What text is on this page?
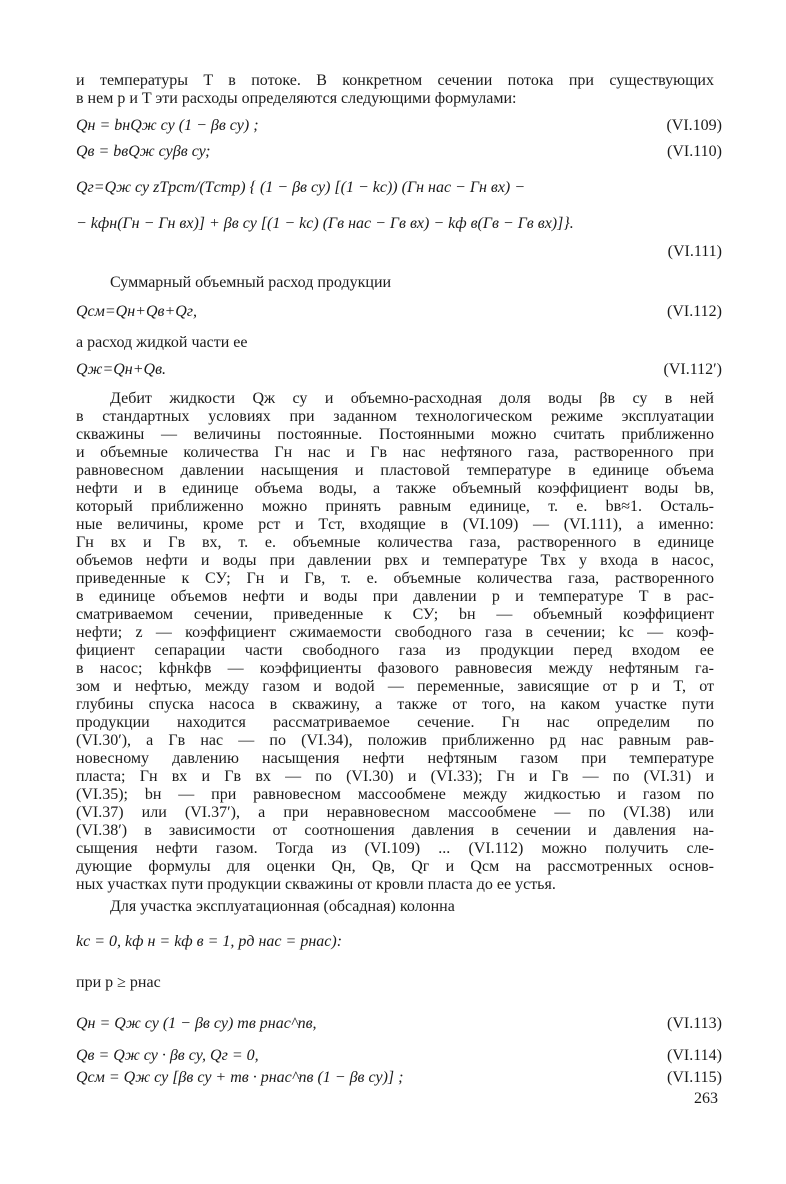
и температуры T в потоке. В конкретном сечении потока при существующих
в нем p и T эти расходы определяются следующими формулами:
Qн = bнQж су (1 − βв су) ;	(VI.109)
Qв = bвQж суβв су;	(VI.110)
Qг=Qж су zTpст/(Tстp) { (1 − βв су) [(1 − kс)) (Γн нас − Γн вх) −
− kфн(Γн − Γн вх)] + βв су [(1 − kс) (Γв нас − Γв вх) − kф в(Γв − Γв вх)]}.
(VI.111)
Суммарный объемный расход продукции
Qсм=Qн+Qв+Qг,	(VI.112)
а расход жидкой части ее
Qж=Qн+Qв.	(VI.112′)
Дебит жидкости Qж су и объемно-расходная доля воды βв су в ней
в стандартных условиях при заданном технологическом режиме эксплуатации
скважины — величины постоянные. Постоянными можно считать приближенно
и объемные количества Γн нас и Γв нас нефтяного газа, растворенного при
равновесном давлении насыщения и пластовой температуре в единице объема
нефти и в единице объема воды, а также объемный коэффициент воды bв,
который приближенно можно принять равным единице, т. е. bв≈1. Осталь-
ные величины, кроме pст и Tст, входящие в (VI.109) — (VI.111), а именно:
Γн вх и Γв вх, т. е. объемные количества газа, растворенного в единице
объемов нефти и воды при давлении pвх и температуре Tвх у входа в насос,
приведенные к СУ; Γн и Γв, т. е. объемные количества газа, растворенного
в единице объемов нефти и воды при давлении p и температуре T в рас-
сматриваемом сечении, приведенные к СУ; bн — объемный коэффициент
нефти; z — коэффициент сжимаемости свободного газа в сечении; kс — коэф-
фициент сепарации части свободного газа из продукции перед входом ее
в насос; kфнkфв — коэффициенты фазового равновесия между нефтяным га-
зом и нефтью, между газом и водой — переменные, зависящие от p и T, от
глубины спуска насоса в скважину, а также от того, на каком участке пути
продукции находится рассматриваемое сечение. Γн нас определим по
(VI.30′), а Γв нас — по (VI.34), положив приближенно pд нас равным рав-
новесному давлению насыщения нефти нефтяным газом при температуре
пласта; Γн вх и Γв вх — по (VI.30) и (VI.33); Γн и Γв — по (VI.31) и
(VI.35); bн — при равновесном массообмене между жидкостью и газом по
(VI.37) или (VI.37′), а при неравновесном массообмене — по (VI.38) или
(VI.38′) в зависимости от соотношения давления в сечении и давления на-
сыщения нефти газом. Тогда из (VI.109) ... (VI.112) можно получить сле-
дующие формулы для оценки Qн, Qв, Qг и Qсм на рассмотренных основ-
ных участках пути продукции скважины от кровли пласта до ее устья.
Для участка эксплуатационная (обсадная) колонна
kс = 0, kф н = kф в = 1, pд нас = pнас):
при p ≥ pнас
Qн = Qж су (1 − βв су) mв pнас^nв,	(VI.113)
Qв = Qж су · βв су, Qг = 0,	(VI.114)
Qсм = Qж су [βв су + mв · pнас^nв (1 − βв су)] ;	(VI.115)
263
